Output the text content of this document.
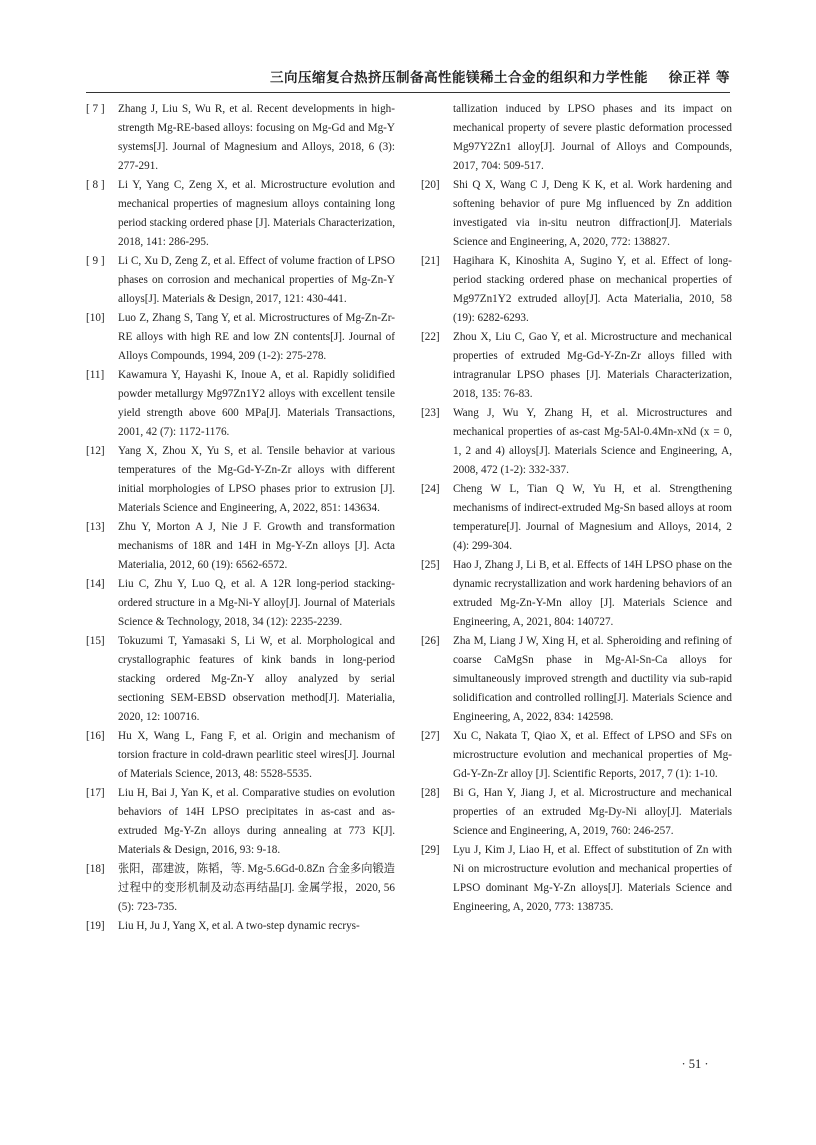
三向压缩复合热挤压制备高性能镁稀土合金的组织和力学性能 徐正祥 等
[ 7 ] Zhang J, Liu S, Wu R, et al. Recent developments in high-strength Mg-RE-based alloys: focusing on Mg-Gd and Mg-Y systems[J]. Journal of Magnesium and Alloys, 2018, 6 (3): 277-291.
[ 8 ] Li Y, Yang C, Zeng X, et al. Microstructure evolution and mechanical properties of magnesium alloys containing long period stacking ordered phase [J]. Materials Characterization, 2018, 141: 286-295.
[ 9 ] Li C, Xu D, Zeng Z, et al. Effect of volume fraction of LPSO phases on corrosion and mechanical properties of Mg-Zn-Y alloys[J]. Materials & Design, 2017, 121: 430-441.
[10] Luo Z, Zhang S, Tang Y, et al. Microstructures of Mg-Zn-Zr-RE alloys with high RE and low ZN contents[J]. Journal of Alloys Compounds, 1994, 209 (1-2): 275-278.
[11] Kawamura Y, Hayashi K, Inoue A, et al. Rapidly solidified powder metallurgy Mg97Zn1Y2 alloys with excellent tensile yield strength above 600 MPa[J]. Materials Transactions, 2001, 42 (7): 1172-1176.
[12] Yang X, Zhou X, Yu S, et al. Tensile behavior at various temperatures of the Mg-Gd-Y-Zn-Zr alloys with different initial morphologies of LPSO phases prior to extrusion [J]. Materials Science and Engineering, A, 2022, 851: 143634.
[13] Zhu Y, Morton A J, Nie J F. Growth and transformation mechanisms of 18R and 14H in Mg-Y-Zn alloys [J]. Acta Materialia, 2012, 60 (19): 6562-6572.
[14] Liu C, Zhu Y, Luo Q, et al. A 12R long-period stacking-ordered structure in a Mg-Ni-Y alloy[J]. Journal of Materials Science & Technology, 2018, 34 (12): 2235-2239.
[15] Tokuzumi T, Yamasaki S, Li W, et al. Morphological and crystallographic features of kink bands in long-period stacking ordered Mg-Zn-Y alloy analyzed by serial sectioning SEM-EBSD observation method[J]. Materialia, 2020, 12: 100716.
[16] Hu X, Wang L, Fang F, et al. Origin and mechanism of torsion fracture in cold-drawn pearlitic steel wires[J]. Journal of Materials Science, 2013, 48: 5528-5535.
[17] Liu H, Bai J, Yan K, et al. Comparative studies on evolution behaviors of 14H LPSO precipitates in as-cast and as-extruded Mg-Y-Zn alloys during annealing at 773 K[J]. Materials & Design, 2016, 93: 9-18.
[18] 张阳，邵建波，陈韬，等. Mg-5.6Gd-0.8Zn 合金多向锻造过程中的变形机制及动态再结晶[J]. 金属学报，2020, 56 (5): 723-735.
[19] Liu H, Ju J, Yang X, et al. A two-step dynamic recrys-
tallization induced by LPSO phases and its impact on mechanical property of severe plastic deformation processed Mg97Y2Zn1 alloy[J]. Journal of Alloys and Compounds, 2017, 704: 509-517.
[20] Shi Q X, Wang C J, Deng K K, et al. Work hardening and softening behavior of pure Mg influenced by Zn addition investigated via in-situ neutron diffraction[J]. Materials Science and Engineering, A, 2020, 772: 138827.
[21] Hagihara K, Kinoshita A, Sugino Y, et al. Effect of long-period stacking ordered phase on mechanical properties of Mg97Zn1Y2 extruded alloy[J]. Acta Materialia, 2010, 58 (19): 6282-6293.
[22] Zhou X, Liu C, Gao Y, et al. Microstructure and mechanical properties of extruded Mg-Gd-Y-Zn-Zr alloys filled with intragranular LPSO phases [J]. Materials Characterization, 2018, 135: 76-83.
[23] Wang J, Wu Y, Zhang H, et al. Microstructures and mechanical properties of as-cast Mg-5Al-0.4Mn-xNd (x = 0, 1, 2 and 4) alloys[J]. Materials Science and Engineering, A, 2008, 472 (1-2): 332-337.
[24] Cheng W L, Tian Q W, Yu H, et al. Strengthening mechanisms of indirect-extruded Mg-Sn based alloys at room temperature[J]. Journal of Magnesium and Alloys, 2014, 2 (4): 299-304.
[25] Hao J, Zhang J, Li B, et al. Effects of 14H LPSO phase on the dynamic recrystallization and work hardening behaviors of an extruded Mg-Zn-Y-Mn alloy [J]. Materials Science and Engineering, A, 2021, 804: 140727.
[26] Zha M, Liang J W, Xing H, et al. Spheroiding and refining of coarse CaMgSn phase in Mg-Al-Sn-Ca alloys for simultaneously improved strength and ductility via sub-rapid solidification and controlled rolling[J]. Materials Science and Engineering, A, 2022, 834: 142598.
[27] Xu C, Nakata T, Qiao X, et al. Effect of LPSO and SFs on microstructure evolution and mechanical properties of Mg-Gd-Y-Zn-Zr alloy [J]. Scientific Reports, 2017, 7 (1): 1-10.
[28] Bi G, Han Y, Jiang J, et al. Microstructure and mechanical properties of an extruded Mg-Dy-Ni alloy[J]. Materials Science and Engineering, A, 2019, 760: 246-257.
[29] Lyu J, Kim J, Liao H, et al. Effect of substitution of Zn with Ni on microstructure evolution and mechanical properties of LPSO dominant Mg-Y-Zn alloys[J]. Materials Science and Engineering, A, 2020, 773: 138735.
· 51 ·
